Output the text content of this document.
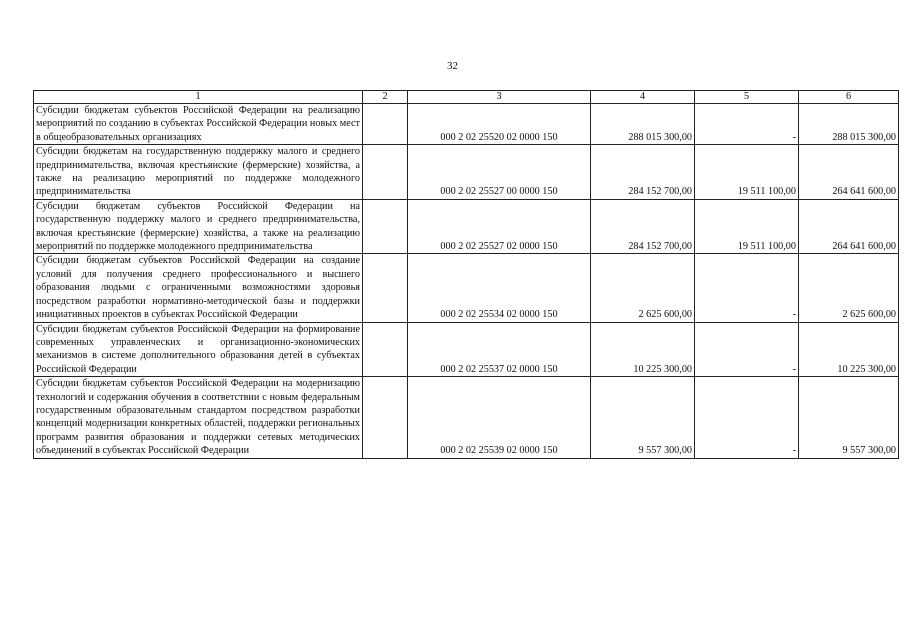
32
1	2	3	4	5	6
Субсидии бюджетам субъектов Российской Федерации на реализацию мероприятий по созданию в субъектах Российской Федерации новых мест в общеобразовательных организациях		000 2 02 25520 02 0000 150	288 015 300,00	-	288 015 300,00
Субсидии бюджетам на государственную поддержку малого и среднего предпринимательства, включая крестьянские (фермерские) хозяйства, а также на реализацию мероприятий по поддержке молодежного предпринимательства		000 2 02 25527 00 0000 150	284 152 700,00	19 511 100,00	264 641 600,00
Субсидии бюджетам субъектов Российской Федерации на государственную поддержку малого и среднего предпринимательства, включая крестьянские (фермерские) хозяйства, а также на реализацию мероприятий по поддержке молодежного предпринимательства		000 2 02 25527 02 0000 150	284 152 700,00	19 511 100,00	264 641 600,00
Субсидии бюджетам субъектов Российской Федерации на создание условий для получения среднего профессионального и высшего образования людьми с ограниченными возможностями здоровья посредством разработки нормативно-методической базы и поддержки инициативных проектов в субъектах Российской Федерации		000 2 02 25534 02 0000 150	2 625 600,00	-	2 625 600,00
Субсидии бюджетам субъектов Российской Федерации на формирование современных управленческих и организационно-экономических механизмов в системе дополнительного образования детей в субъектах Российской Федерации		000 2 02 25537 02 0000 150	10 225 300,00	-	10 225 300,00
Субсидии бюджетам субъектов Российской Федерации на модернизацию технологий и содержания обучения в соответствии с новым федеральным государственным образовательным стандартом посредством разработки концепций модернизации конкретных областей, поддержки региональных программ развития образования и поддержки сетевых методических объединений в субъектах Российской Федерации		000 2 02 25539 02 0000 150	9 557 300,00	-	9 557 300,00
